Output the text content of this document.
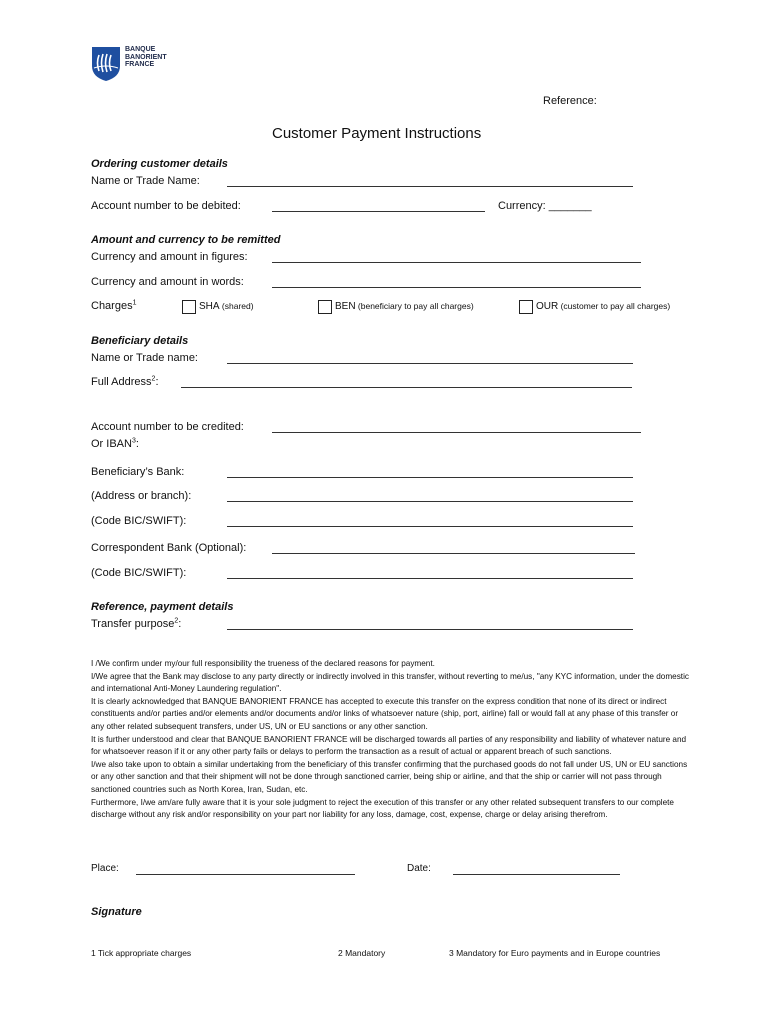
BANQUE
BANORIENT
FRANCE
Reference:
Customer Payment Instructions
Ordering customer details
Name or Trade Name:
Account number to be debited:	Currency: _______
Amount and currency to be remitted
Currency and amount in figures:
Currency and amount in words:
Charges$^1$	SHA (shared)	BEN (beneficiary to pay all charges)	OUR (customer to pay all charges)
Beneficiary details
Name or Trade name:
Full Address$^2$:
Account number to be credited:
Or IBAN$^3$:
Beneficiary’s Bank:
(Address or branch):
(Code BIC/SWIFT):
Correspondent Bank (Optional):
(Code BIC/SWIFT):
Reference, payment details
Transfer purpose$^2$:

I /We confirm under my/our full responsibility the trueness of the declared reasons for payment.

I/We agree that the Bank may disclose to any party directly or indirectly involved in this transfer, without reverting to me/us, "any KYC information, under the domestic and international Anti-Money Laundering regulation".

It is clearly acknowledged that BANQUE BANORIENT FRANCE has accepted to execute this transfer on the express condition that none of its direct or indirect constituents and/or parties and/or elements and/or documents and/or links of whatsoever nature (ship, port, airline) fall or would fall at any phase of this transfer or any other related subsequent transfers, under US, UN or EU sanctions or any other sanction.

It is further understood and clear that BANQUE BANORIENT FRANCE will be discharged towards all parties of any responsibility and liability of whatever nature and for whatsoever reason if it or any other party fails or delays to perform the transaction as a result of actual or apparent breach of such sanctions.

I/we also take upon to obtain a similar undertaking from the beneficiary of this transfer confirming that the purchased goods do not fall under US, UN or EU sanctions or any other sanction and that their shipment will not be done through sanctioned carrier, being ship or airline, and that the ship or carrier will not pass through sanctioned countries such as North Korea, Iran, Sudan, etc.

Furthermore, I/we am/are fully aware that it is your sole judgment to reject the execution of this transfer or any other related subsequent transfers to our complete discharge without any risk and/or responsibility on your part nor liability for any loss, damage, cost, expense, charge or delay arising therefrom.

Place:	Date:
Signature
1 Tick appropriate charges	2 Mandatory	3 Mandatory for Euro payments and in Europe countries
